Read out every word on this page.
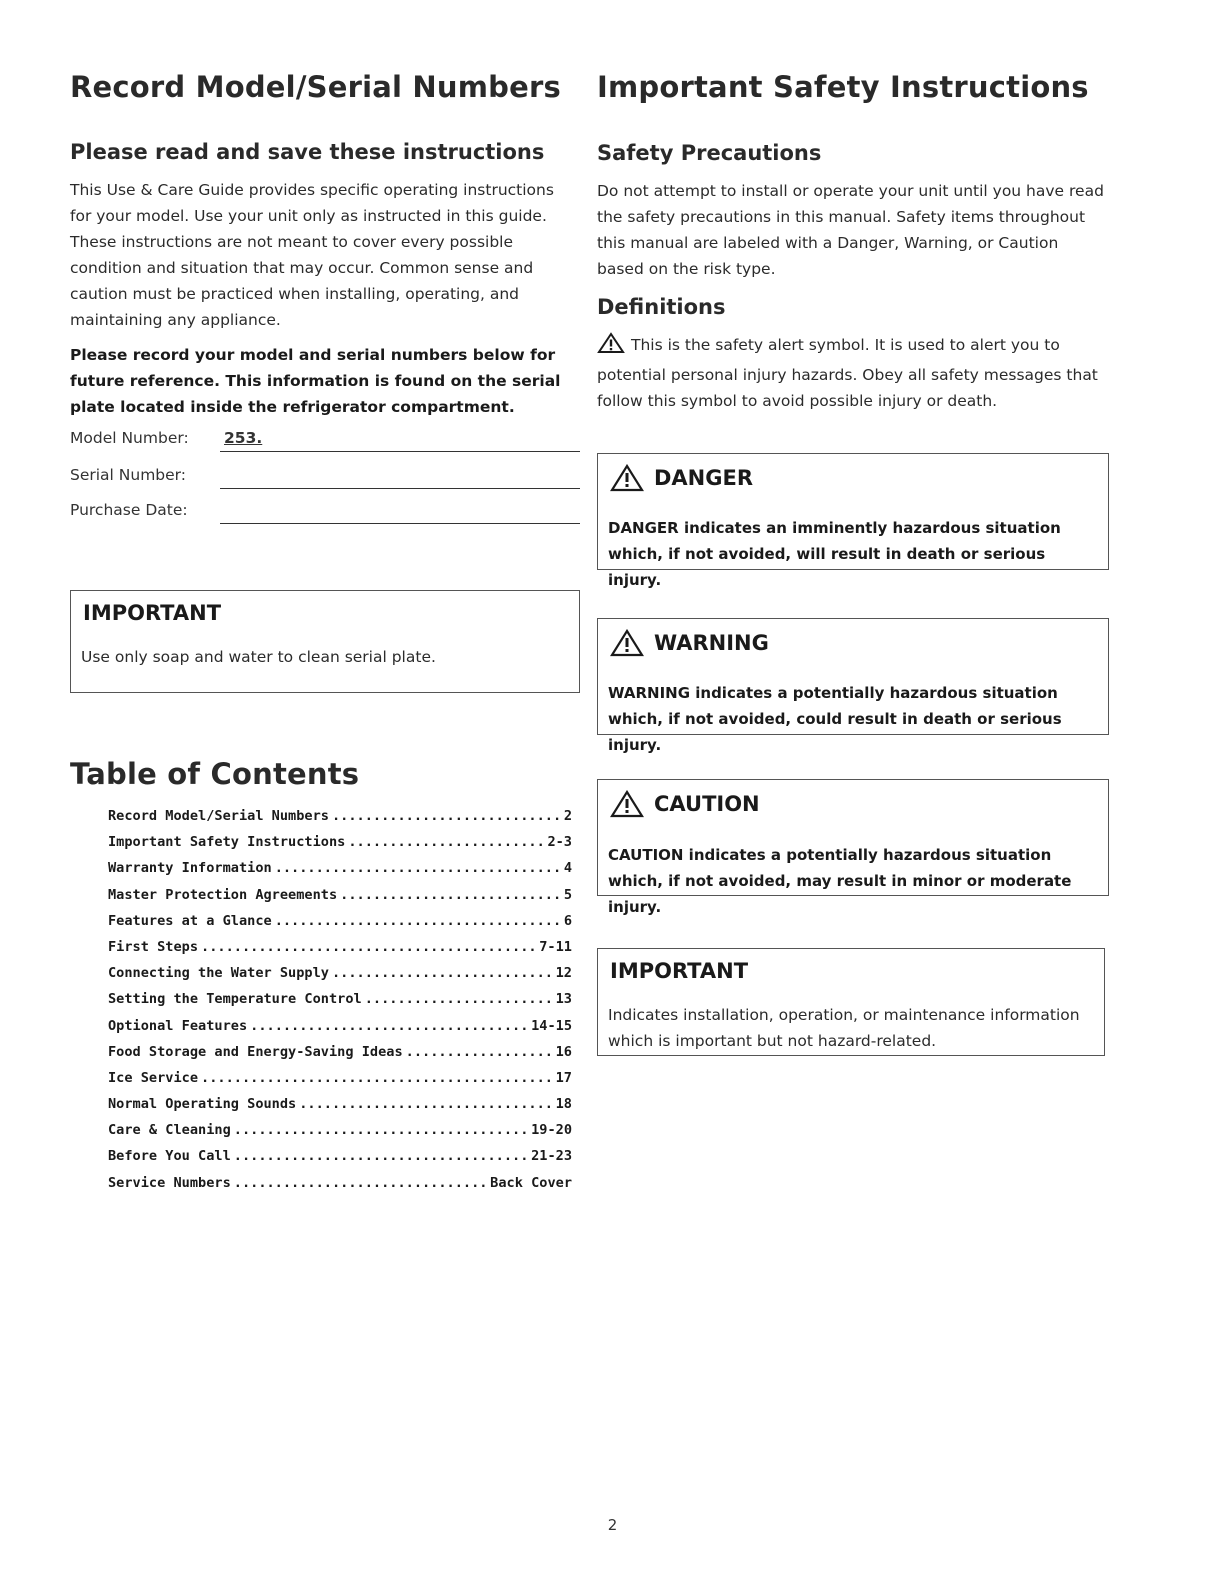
Record Model/Serial Numbers
Please read and save these instructions

This Use & Care Guide provides specific operating instructions for your model. Use your unit only as instructed in this guide. These instructions are not meant to cover every possible condition and situation that may occur. Common sense and caution must be practiced when installing, operating, and maintaining any appliance.

Please record your model and serial numbers below for future reference. This information is found on the serial plate located inside the refrigerator compartment.

Model Number: 253.
Serial Number:
Purchase Date:
IMPORTANT
Use only soap and water to clean serial plate.
Table of Contents
Record Model/Serial Numbers .....	2
Important Safety Instructions .....	2-3
Warranty Information .....	4
Master Protection Agreements .....	5
Features at a Glance .....	6
First Steps .....	7-11
Connecting the Water Supply .....	12
Setting the Temperature Control .....	13
Optional Features .....	14-15
Food Storage and Energy-Saving Ideas .....	16
Ice Service .....	17
Normal Operating Sounds .....	18
Care & Cleaning .....	19-20
Before You Call .....	21-23
Service Numbers .....	Back Cover
Important Safety Instructions
Safety Precautions

Do not attempt to install or operate your unit until you have read the safety precautions in this manual. Safety items throughout this manual are labeled with a Danger, Warning, or Caution based on the risk type.

Definitions

This is the safety alert symbol. It is used to alert you to potential personal injury hazards. Obey all safety messages that follow this symbol to avoid possible injury or death.

DANGER
DANGER indicates an imminently hazardous situation which, if not avoided, will result in death or serious injury.
WARNING
WARNING indicates a potentially hazardous situation which, if not avoided, could result in death or serious injury.
CAUTION
CAUTION indicates a potentially hazardous situation which, if not avoided, may result in minor or moderate injury.
IMPORTANT
Indicates installation, operation, or maintenance information which is important but not hazard-related.
2
